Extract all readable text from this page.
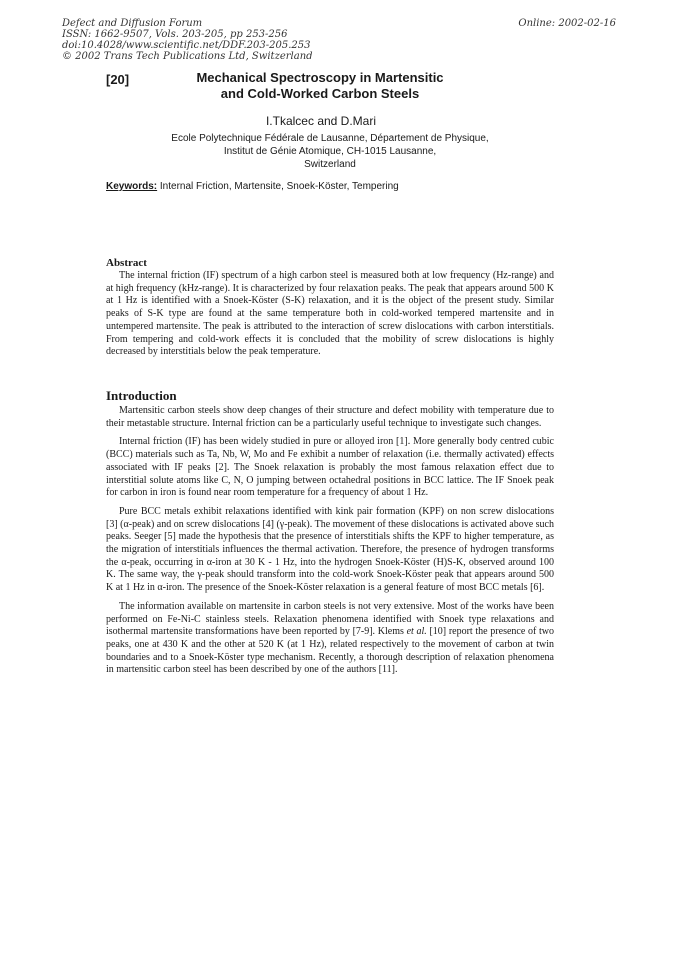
Defect and Diffusion Forum
ISSN: 1662-9507, Vols. 203-205, pp 253-256
doi:10.4028/www.scientific.net/DDF.203-205.253
© 2002 Trans Tech Publications Ltd, Switzerland
Online: 2002-02-16
[20]	Mechanical Spectroscopy in Martensitic
and Cold-Worked Carbon Steels
I.Tkalcec and D.Mari
Ecole Polytechnique Fédérale de Lausanne, Département de Physique,
Institut de Génie Atomique, CH-1015 Lausanne,
Switzerland
Keywords: Internal Friction, Martensite, Snoek-Köster, Tempering
Abstract

The internal friction (IF) spectrum of a high carbon steel is measured both at low frequency (Hz-range) and at high frequency (kHz-range). It is characterized by four relaxation peaks. The peak that appears around 500 K at 1 Hz is identified with a Snoek-Köster (S-K) relaxation, and it is the object of the present study. Similar peaks of S-K type are found at the same temperature both in cold-worked tempered martensite and in untempered martensite. The peak is attributed to the interaction of screw dislocations with carbon interstitials. From tempering and cold-work effects it is concluded that the mobility of screw dislocations is highly decreased by interstitials below the peak temperature.

Introduction

Martensitic carbon steels show deep changes of their structure and defect mobility with temperature due to their metastable structure. Internal friction can be a particularly useful technique to investigate such changes.

Internal friction (IF) has been widely studied in pure or alloyed iron [1]. More generally body centred cubic (BCC) materials such as Ta, Nb, W, Mo and Fe exhibit a number of relaxation (i.e. thermally activated) effects associated with IF peaks [2]. The Snoek relaxation is probably the most famous relaxation effect due to interstitial solute atoms like C, N, O jumping between octahedral positions in BCC lattice. The IF Snoek peak for carbon in iron is found near room temperature for a frequency of about 1 Hz.

Pure BCC metals exhibit relaxations identified with kink pair formation (KPF) on non screw dislocations [3] (α-peak) and on screw dislocations [4] (γ-peak). The movement of these dislocations is activated above such peaks. Seeger [5] made the hypothesis that the presence of interstitials shifts the KPF to higher temperature, as the migration of interstitials influences the thermal activation. Therefore, the presence of hydrogen transforms the α-peak, occurring in α-iron at 30 K - 1 Hz, into the hydrogen Snoek-Köster (H)S-K, observed around 100 K. The same way, the γ-peak should transform into the cold-work Snoek-Köster peak that appears around 500 K at 1 Hz in α-iron. The presence of the Snoek-Köster relaxation is a general feature of most BCC metals [6].

The information available on martensite in carbon steels is not very extensive. Most of the works have been performed on Fe-Ni-C stainless steels. Relaxation phenomena identified with Snoek type relaxations and isothermal martensite transformations have been reported by [7-9]. Klems et al. [10] report the presence of two peaks, one at 430 K and the other at 520 K (at 1 Hz), related respectively to the movement of carbon at twin boundaries and to a Snoek-Köster type mechanism. Recently, a thorough description of relaxation phenomena in martensitic carbon steel has been described by one of the authors [11].
